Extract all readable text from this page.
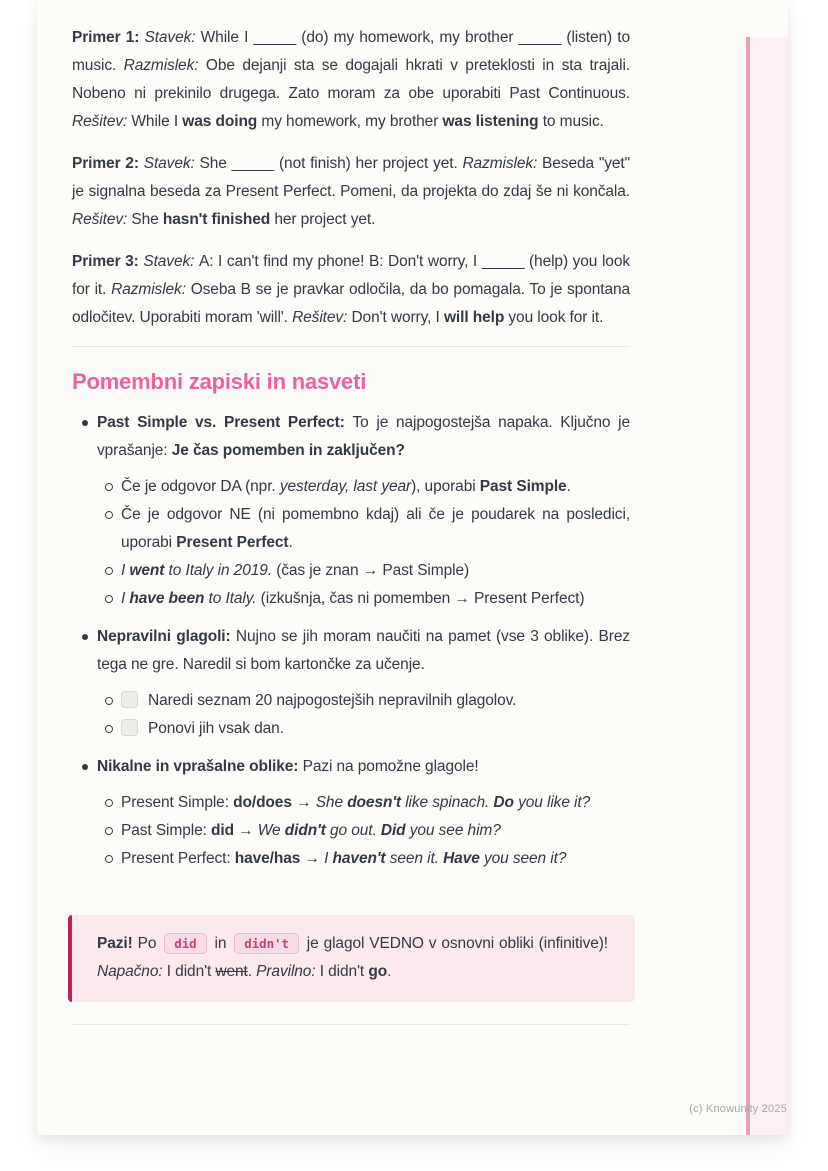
Primer 1: Stavek: While I _____ (do) my homework, my brother _____ (listen) to music. Razmislek: Obe dejanji sta se dogajali hkrati v preteklosti in sta trajali. Nobeno ni prekinilo drugega. Zato moram za obe uporabiti Past Continuous. Rešitev: While I was doing my homework, my brother was listening to music.

Primer 2: Stavek: She _____ (not finish) her project yet. Razmislek: Beseda "yet" je signalna beseda za Present Perfect. Pomeni, da projekta do zdaj še ni končala. Rešitev: She hasn't finished her project yet.

Primer 3: Stavek: A: I can't find my phone! B: Don't worry, I _____ (help) you look for it. Razmislek: Oseba B se je pravkar odločila, da bo pomagala. To je spontana odločitev. Uporabiti moram 'will'. Rešitev: Don't worry, I will help you look for it.

Pomembni zapiski in nasveti
Past Simple vs. Present Perfect: To je najpogostejša napaka. Ključno je vprašanje: Je čas pomemben in zaključen?
Če je odgovor DA (npr. yesterday, last year), uporabi Past Simple.
Če je odgovor NE (ni pomembno kdaj) ali če je poudarek na posledici, uporabi Present Perfect.
I went to Italy in 2019. (čas je znan → Past Simple)
I have been to Italy. (izkušnja, čas ni pomemben → Present Perfect)
Nepravilni glagoli: Nujno se jih moram naučiti na pamet (vse 3 oblike). Brez tega ne gre. Naredil si bom kartončke za učenje.
Naredi seznam 20 najpogostejših nepravilnih glagolov.
Ponovi jih vsak dan.
Nikalne in vprašalne oblike: Pazi na pomožne glagole!
Present Simple: do/does → She doesn't like spinach. Do you like it?
Past Simple: did → We didn't go out. Did you see him?
Present Perfect: have/has → I haven't seen it. Have you seen it?
Pazi! Po did in didn't je glagol VEDNO v osnovni obliki (infinitive)! Napačno: I didn't went. Pravilno: I didn't go.
(c) Knowunity 2025
